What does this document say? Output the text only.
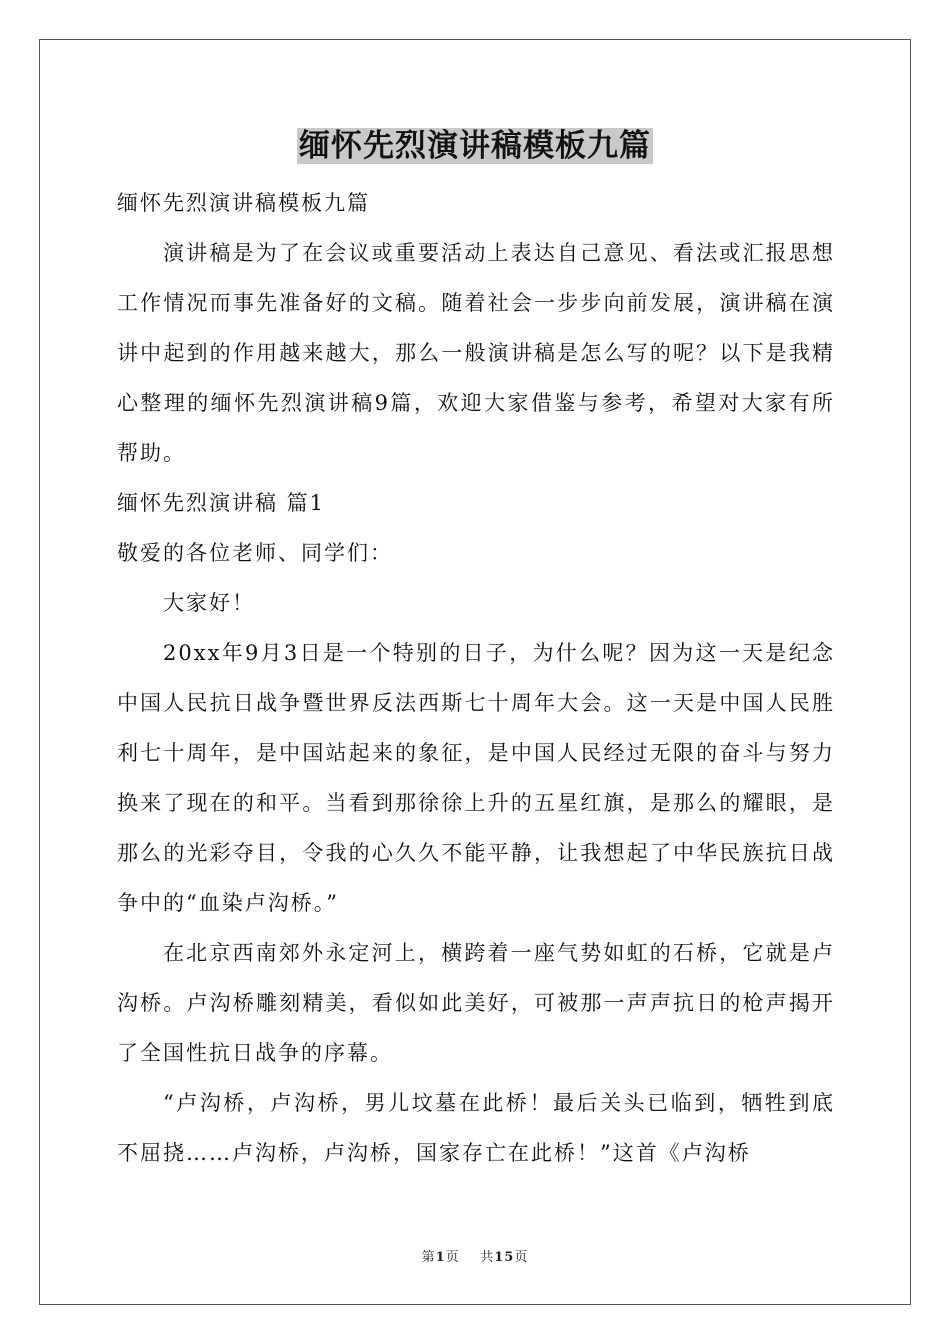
缅怀先烈演讲稿模板九篇

缅怀先烈演讲稿模板九篇

演讲稿是为了在会议或重要活动上表达自己意见、看法或汇报思想工作情况而事先准备好的文稿。随着社会一步步向前发展，演讲稿在演讲中起到的作用越来越大，那么一般演讲稿是怎么写的呢？以下是我精心整理的缅怀先烈演讲稿9篇，欢迎大家借鉴与参考，希望对大家有所帮助。

缅怀先烈演讲稿 篇1

敬爱的各位老师、同学们：

大家好！

20xx年9月3日是一个特别的日子，为什么呢？因为这一天是纪念中国人民抗日战争暨世界反法西斯七十周年大会。这一天是中国人民胜利七十周年，是中国站起来的象征，是中国人民经过无限的奋斗与努力换来了现在的和平。当看到那徐徐上升的五星红旗，是那么的耀眼，是那么的光彩夺目，令我的心久久不能平静，让我想起了中华民族抗日战争中的“血染卢沟桥。”

在北京西南郊外永定河上，横跨着一座气势如虹的石桥，它就是卢沟桥。卢沟桥雕刻精美，看似如此美好，可被那一声声抗日的枪声揭开了全国性抗日战争的序幕。

“卢沟桥，卢沟桥，男儿坟墓在此桥！最后关头已临到，牺牲到底不屈挠……卢沟桥，卢沟桥，国家存亡在此桥！”这首《卢沟桥

第1页    共15页
